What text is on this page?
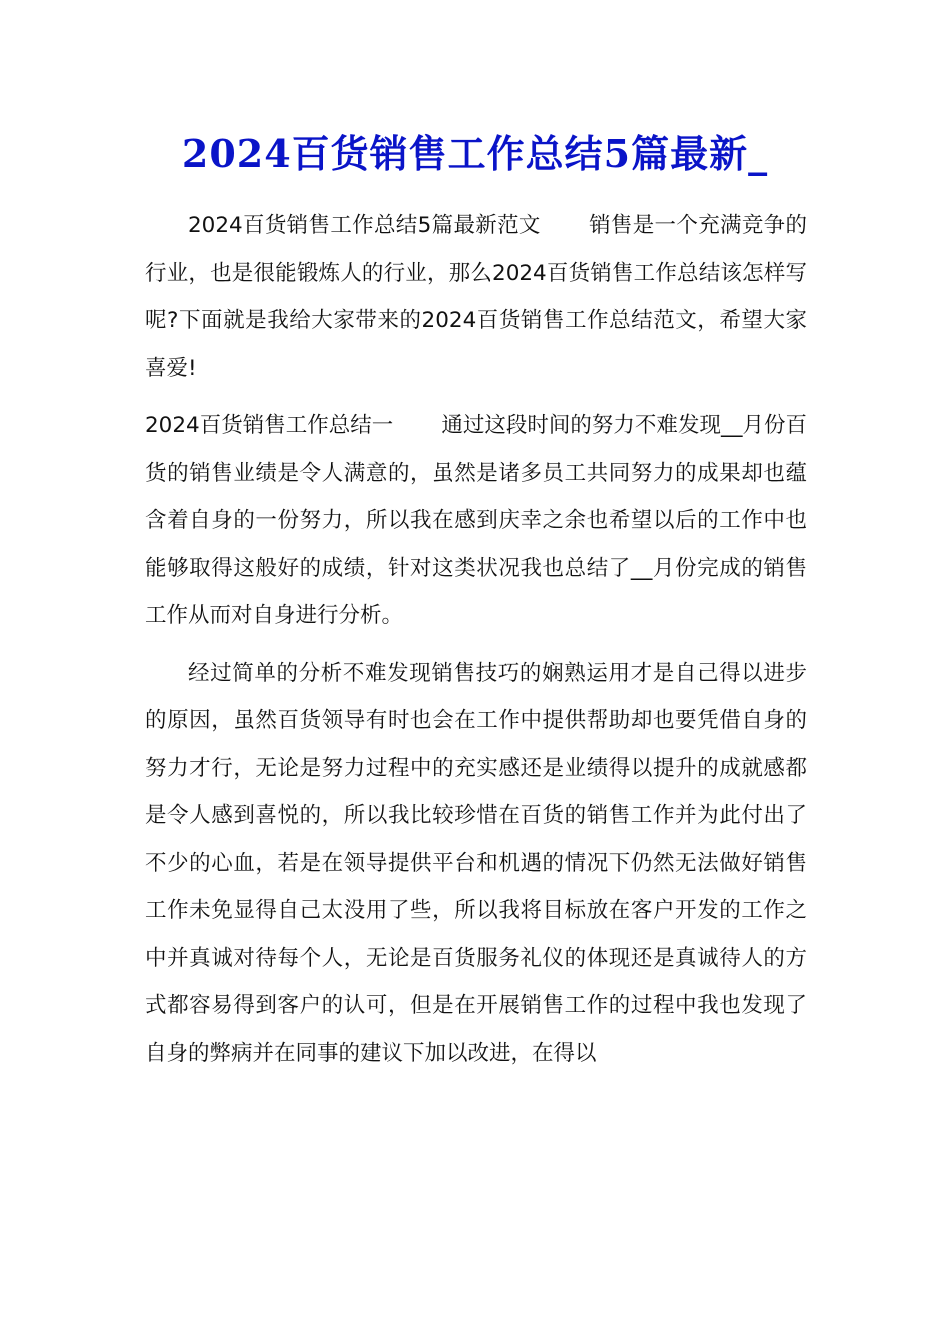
2024百货销售工作总结5篇最新_

2024百货销售工作总结5篇最新范文 销售是一个充满竞争的行业，也是很能锻炼人的行业，那么2024百货销售工作总结该怎样写呢?下面就是我给大家带来的2024百货销售工作总结范文，希望大家喜爱!

2024百货销售工作总结一 通过这段时间的努力不难发现__月份百货的销售业绩是令人满意的，虽然是诸多员工共同努力的成果却也蕴含着自身的一份努力，所以我在感到庆幸之余也希望以后的工作中也能够取得这般好的成绩，针对这类状况我也总结了__月份完成的销售工作从而对自身进行分析。

经过简单的分析不难发现销售技巧的娴熟运用才是自己得以进步的原因，虽然百货领导有时也会在工作中提供帮助却也要凭借自身的努力才行，无论是努力过程中的充实感还是业绩得以提升的成就感都是令人感到喜悦的，所以我比较珍惜在百货的销售工作并为此付出了不少的心血，若是在领导提供平台和机遇的情况下仍然无法做好销售工作未免显得自己太没用了些，所以我将目标放在客户开发的工作之中并真诚对待每个人，无论是百货服务礼仪的体现还是真诚待人的方式都容易得到客户的认可，但是在开展销售工作的过程中我也发现了自身的弊病并在同事的建议下加以改进，在得以
